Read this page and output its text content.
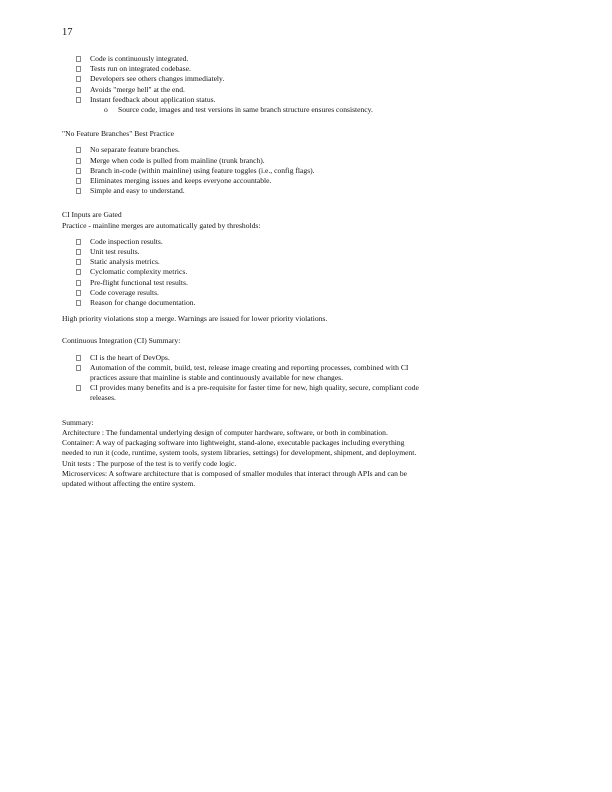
17
Code is continuously integrated.
Tests run on integrated codebase.
Developers see others changes immediately.
Avoids "merge hell" at the end.
Instant feedback about application status.
o Source code, images and test versions in same branch structure ensures consistency.

"No Feature Branches" Best Practice

No separate feature branches.
Merge when code is pulled from mainline (trunk branch).
Branch in-code (within mainline) using feature toggles (i.e., config flags).
Eliminates merging issues and keeps everyone accountable.
Simple and easy to understand.

CI Inputs are Gated

Practice - mainline merges are automatically gated by thresholds:

Code inspection results.
Unit test results.
Static analysis metrics.
Cyclomatic complexity metrics.
Pre-flight functional test results.
Code coverage results.
Reason for change documentation.

High priority violations stop a merge. Warnings are issued for lower priority violations.

Continuous Integration (CI) Summary:

CI is the heart of DevOps.
Automation of the commit, build, test, release image creating and reporting processes, combined with CI practices assure that mainline is stable and continuously available for new changes.
CI provides many benefits and is a pre-requisite for faster time for new, high quality, secure, compliant code releases.

Summary:

Architecture : The fundamental underlying design of computer hardware, software, or both in combination.

Container: A way of packaging software into lightweight, stand-alone, executable packages including everything needed to run it (code, runtime, system tools, system libraries, settings) for development, shipment, and deployment.

Unit tests : The purpose of the test is to verify code logic.

Microservices: A software architecture that is composed of smaller modules that interact through APIs and can be updated without affecting the entire system.
